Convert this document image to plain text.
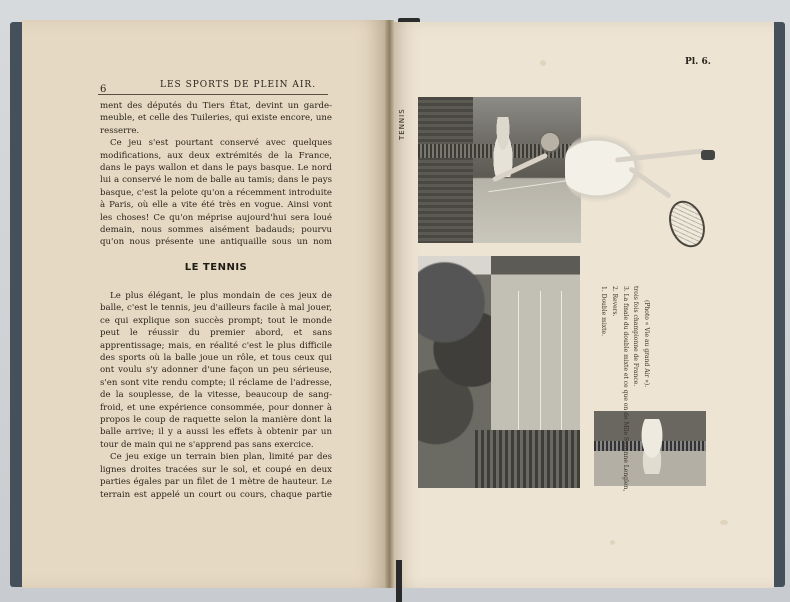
6	LES SPORTS DE PLEIN AIR.

ment des députés du Tiers État, devint un garde-meuble, et celle des Tuileries, qui existe encore, une resserre.

Ce jeu s'est pourtant conservé avec quelques modifications, aux deux extrémités de la France, dans le pays wallon et dans le pays basque. Le nord lui a conservé le nom de balle au tamis; dans le pays basque, c'est la pelote qu'on a récemment introduite à Paris, où elle a vite été très en vogue. Ainsi vont les choses! Ce qu'on méprise aujourd'hui sera loué demain, nous sommes aisément badauds; pourvu qu'on nous présente une antiquaille sous un nom

LE TENNIS

Le plus élégant, le plus mondain de ces jeux de balle, c'est le tennis, jeu d'ailleurs facile à mal jouer, ce qui explique son succès prompt; tout le monde peut le réussir du premier abord, et sans apprentissage; mais, en réalité c'est le plus difficile des sports où la balle joue un rôle, et tous ceux qui ont voulu s'y adonner d'une façon un peu sérieuse, s'en sont vite rendu compte; il réclame de l'adresse, de la souplesse, de la vitesse, beaucoup de sang-froid, et une expérience consommée, pour donner à propos le coup de raquette selon la manière dont la balle arrive; il y a aussi les effets à obtenir par un tour de main qui ne s'apprend pas sans exercice.

Ce jeu exige un terrain bien plan, limité par des lignes droites tracées sur le sol, et coupé en deux parties égales par un filet de 1 mètre de hauteur. Le terrain est appelé un court ou cours, chaque partie

Pl. 6.
TENNIS
1. Double mixte. 2. Revers. 3. La finale du double mixte et ce que on de Mlle Suzanne Lenglen, trois fois championne de France. (Photo « Vie au grand Air »).
